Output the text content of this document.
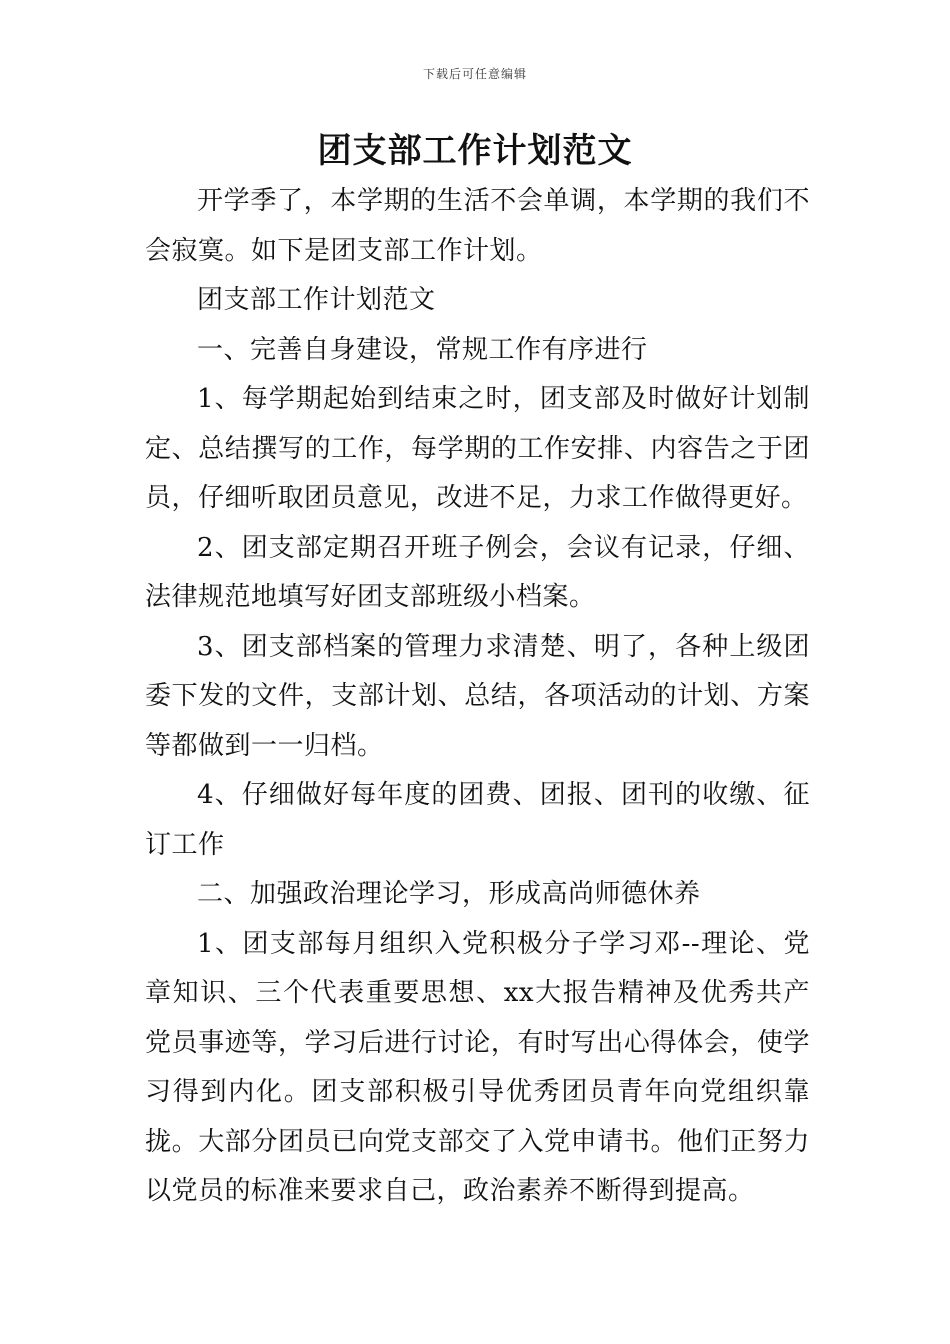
下载后可任意编辑
团支部工作计划范文

开学季了，本学期的生活不会单调，本学期的我们不会寂寞。如下是团支部工作计划。

团支部工作计划范文

一、完善自身建设，常规工作有序进行

1、每学期起始到结束之时，团支部及时做好计划制定、总结撰写的工作，每学期的工作安排、内容告之于团员，仔细听取团员意见，改进不足，力求工作做得更好。

2、团支部定期召开班子例会，会议有记录，仔细、法律规范地填写好团支部班级小档案。

3、团支部档案的管理力求清楚、明了，各种上级团委下发的文件，支部计划、总结，各项活动的计划、方案等都做到一一归档。

4、仔细做好每年度的团费、团报、团刊的收缴、征订工作

二、加强政治理论学习，形成高尚师德休养

1、团支部每月组织入党积极分子学习邓--理论、党章知识、三个代表重要思想、xx大报告精神及优秀共产党员事迹等，学习后进行讨论，有时写出心得体会，使学习得到内化。团支部积极引导优秀团员青年向党组织靠拢。大部分团员已向党支部交了入党申请书。他们正努力以党员的标准来要求自己，政治素养不断得到提高。
